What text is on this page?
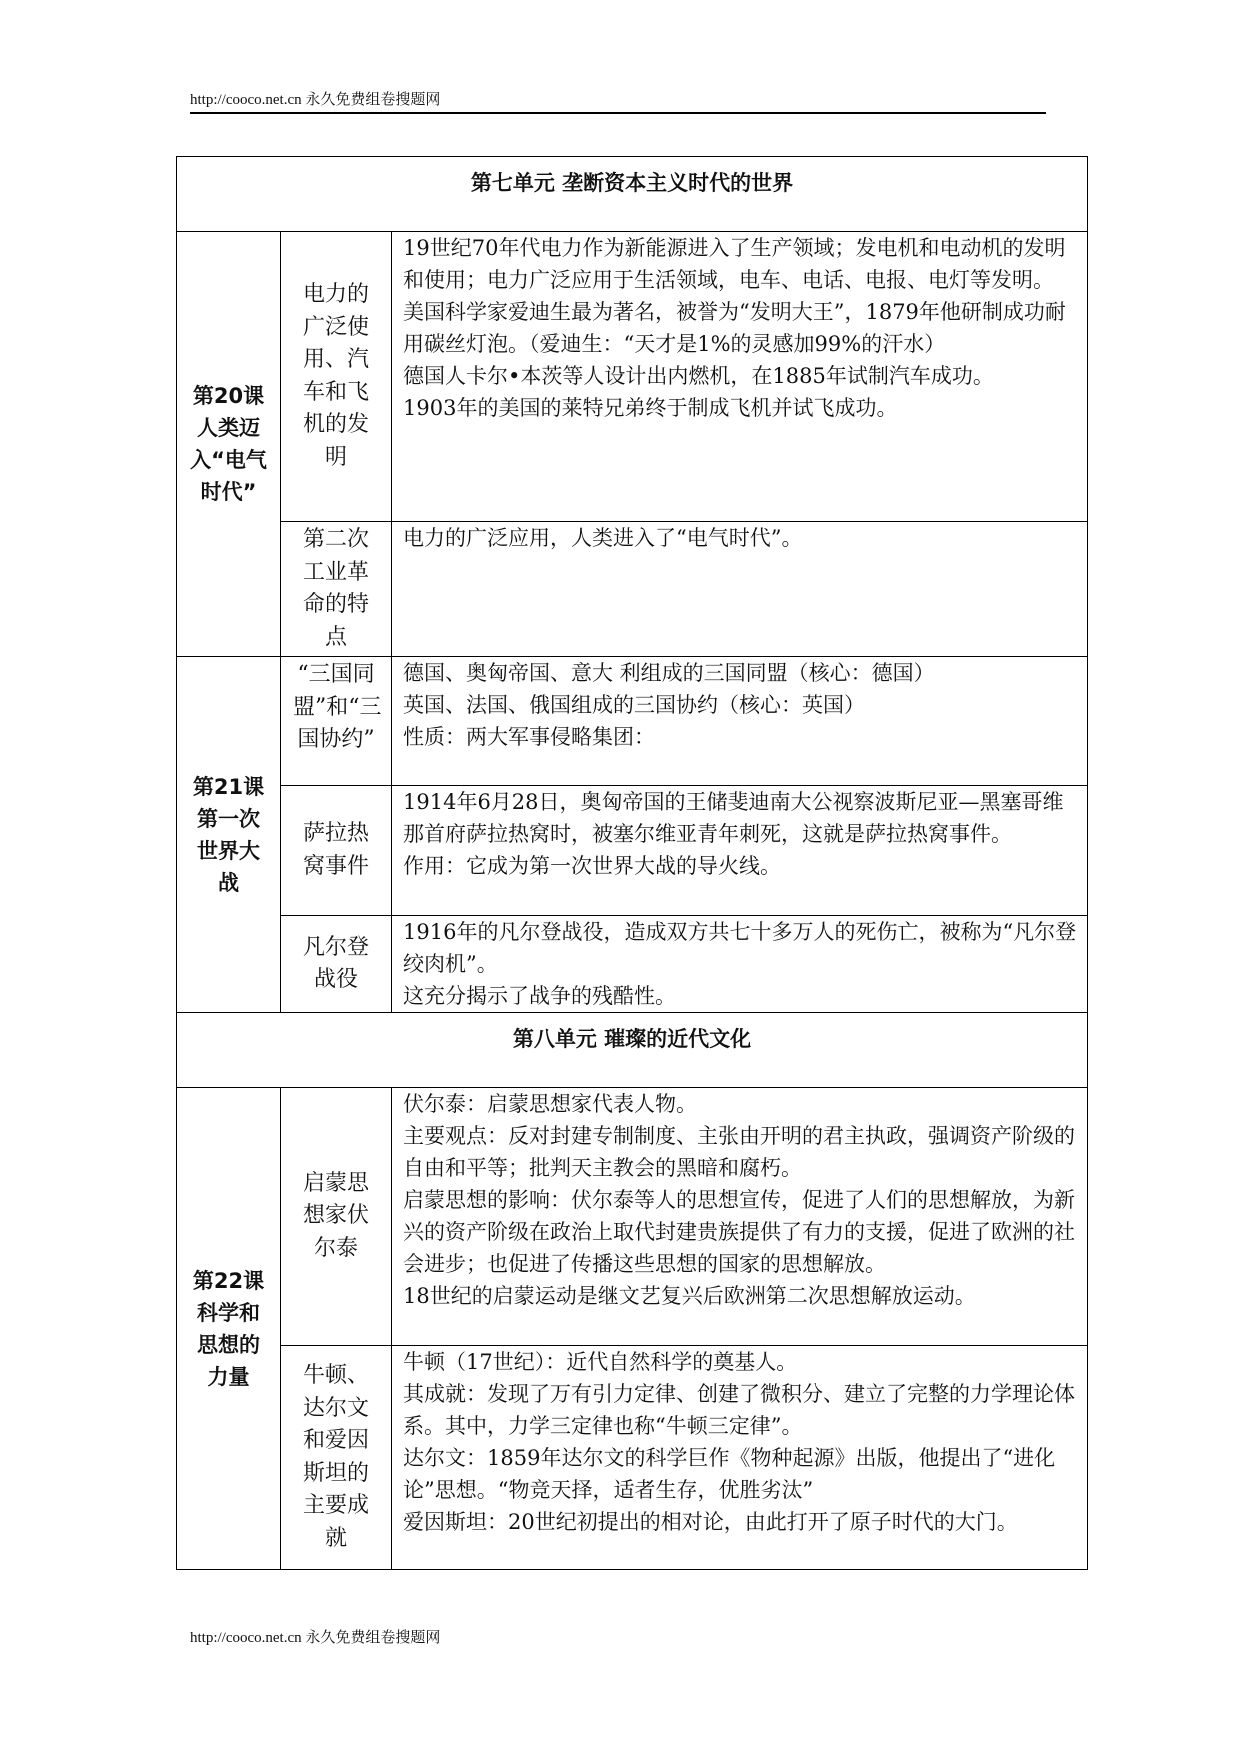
http://cooco.net.cn 永久免费组卷搜题网
第七单元 垄断资本主义时代的世界		
第20课人类迈入“电气时代”	电力的广泛使用、汽车和飞机的发明	19世纪70年代电力作为新能源进入了生产领域；发电机和电动机的发明和使用；电力广泛应用于生活领域，电车、电话、电报、电灯等发明。

美国科学家爱迪生最为著名，被誉为“发明大王”，1879年他研制成功耐用碳丝灯泡。（爱迪生：“天才是1%的灵感加99%的汗水）

德国人卡尔•本茨等人设计出内燃机，在1885年试制汽车成功。

1903年的美国的莱特兄弟终于制成飞机并试飞成功。

	第二次工业革命的特点	电力的广泛应用，人类进入了“电气时代”。

第21课第一次世界大战	“三国同盟”和“三国协约”	德国、奥匈帝国、意大 利组成的三国同盟（核心：德国）

英国、法国、俄国组成的三国协约（核心：英国）

性质：两大军事侵略集团：

	萨拉热窝事件	1914年6月28日，奥匈帝国的王储斐迪南大公视察波斯尼亚—黑塞哥维那首府萨拉热窝时，被塞尔维亚青年刺死，这就是萨拉热窝事件。

作用：它成为第一次世界大战的导火线。

	凡尔登战役	1916年的凡尔登战役，造成双方共七十多万人的死伤亡，被称为“凡尔登绞肉机”。

这充分揭示了战争的残酷性。

第八单元 璀璨的近代文化		
第22课科学和思想的力量	启蒙思想家伏尔泰	伏尔泰：启蒙思想家代表人物。

主要观点：反对封建专制制度、主张由开明的君主执政，强调资产阶级的自由和平等；批判天主教会的黑暗和腐朽。

启蒙思想的影响：伏尔泰等人的思想宣传，促进了人们的思想解放，为新兴的资产阶级在政治上取代封建贵族提供了有力的支援，促进了欧洲的社会进步；也促进了传播这些思想的国家的思想解放。

18世纪的启蒙运动是继文艺复兴后欧洲第二次思想解放运动。

	牛顿、达尔文和爱因斯坦的主要成就	牛顿（17世纪）：近代自然科学的奠基人。

其成就：发现了万有引力定律、创建了微积分、建立了完整的力学理论体系。其中，力学三定律也称“牛顿三定律”。

达尔文：1859年达尔文的科学巨作《物种起源》出版，他提出了“进化论”思想。“物竞天择，适者生存，优胜劣汰”

爱因斯坦：20世纪初提出的相对论，由此打开了原子时代的大门。

http://cooco.net.cn 永久免费组卷搜题网
